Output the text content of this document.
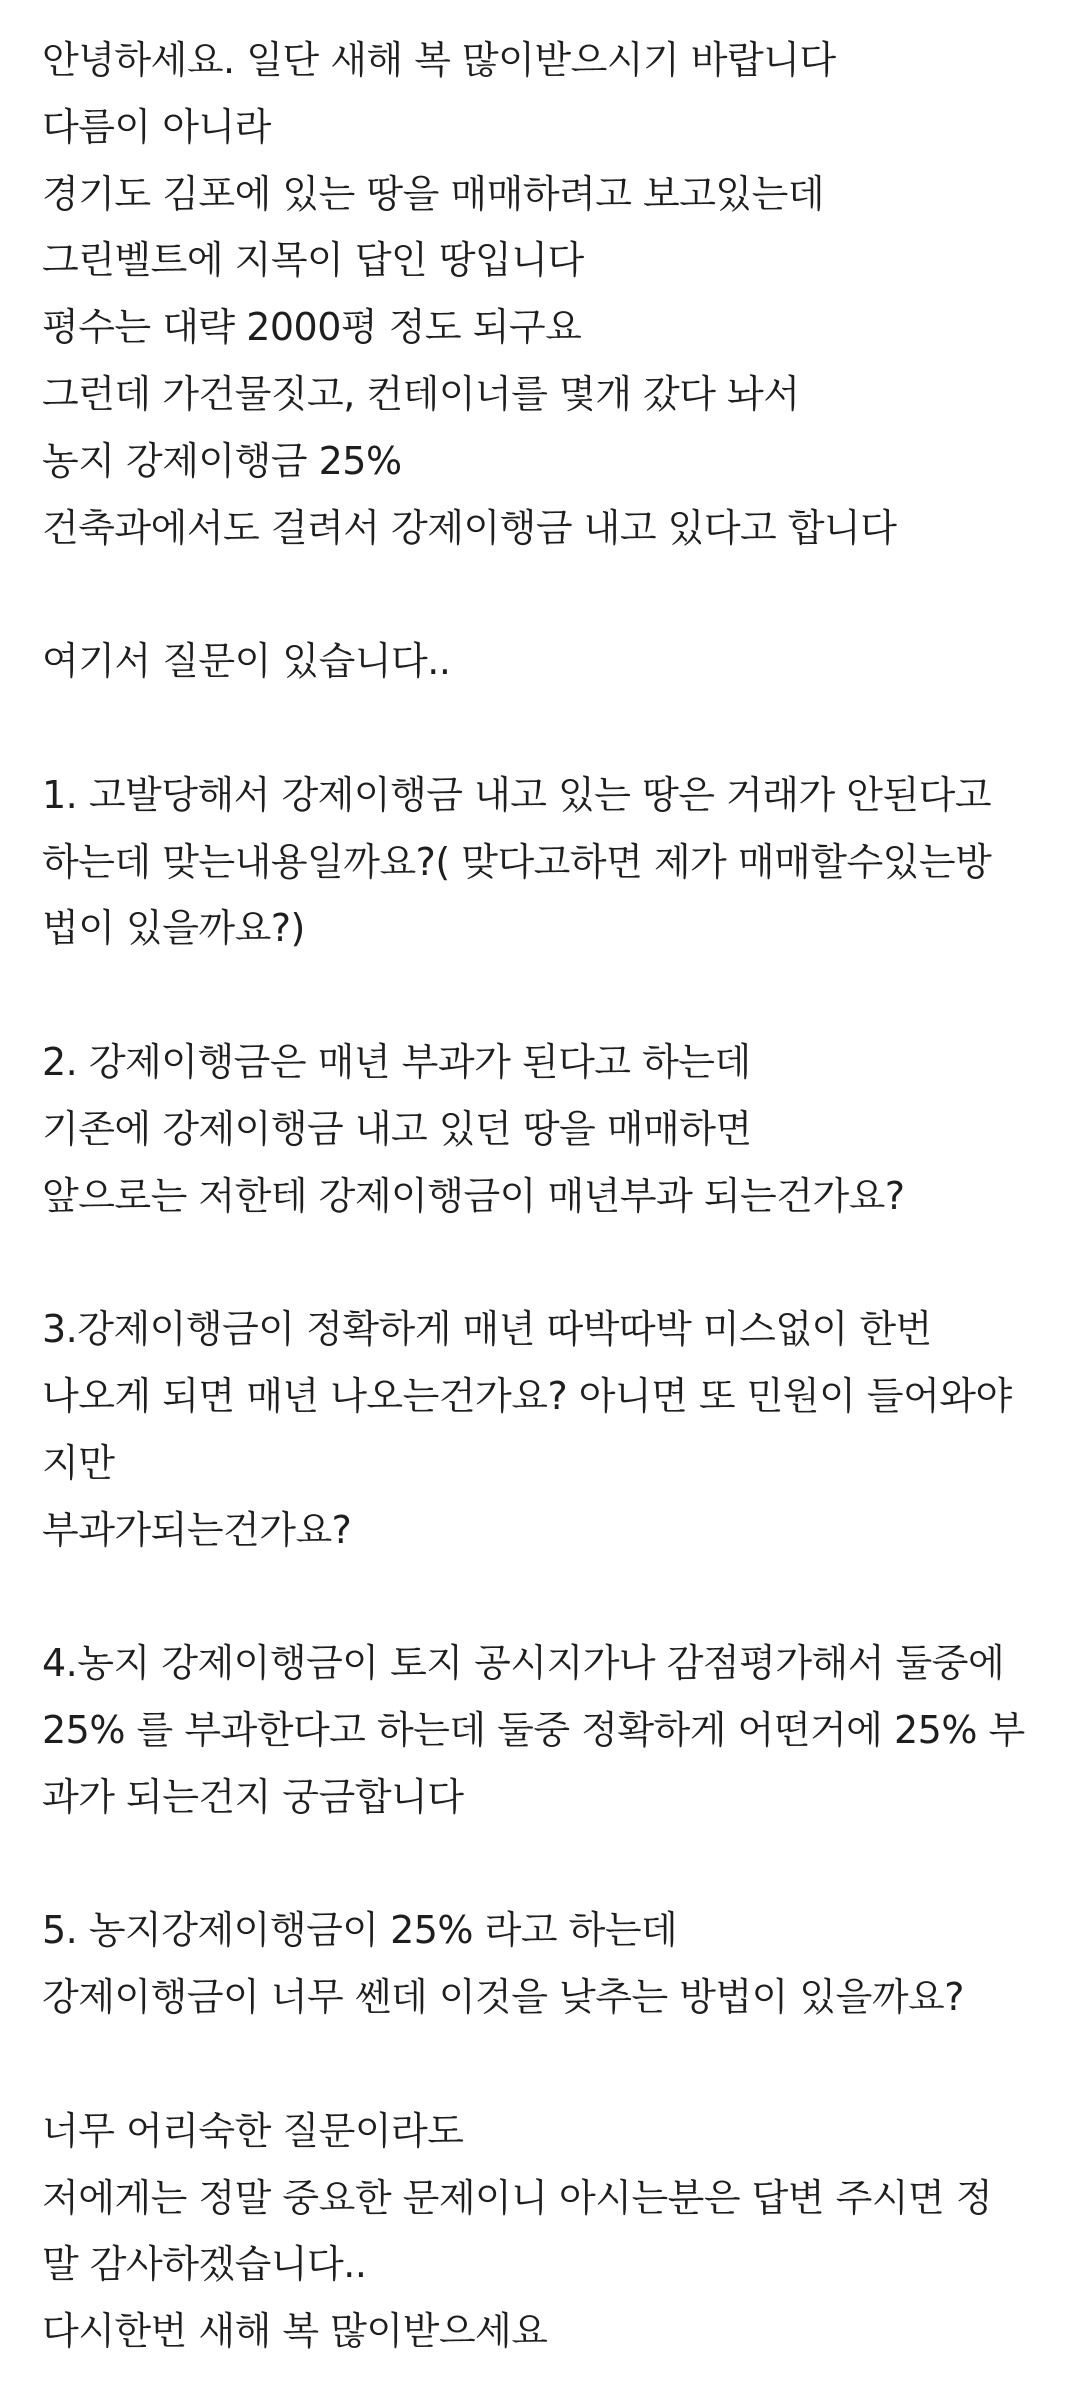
안녕하세요. 일단 새해 복 많이받으시기 바랍니다
다름이 아니라
경기도 김포에 있는 땅을 매매하려고 보고있는데
그린벨트에 지목이 답인 땅입니다
평수는 대략 2000평 정도 되구요
그런데 가건물짓고, 컨테이너를 몇개 갔다 놔서
농지 강제이행금 25%
건축과에서도 걸려서 강제이행금 내고 있다고 합니다
여기서 질문이 있습니다..
1. 고발당해서 강제이행금 내고 있는 땅은 거래가 안된다고
하는데 맞는내용일까요?( 맞다고하면 제가 매매할수있는방
법이 있을까요?)
2. 강제이행금은 매년 부과가 된다고 하는데
기존에 강제이행금 내고 있던 땅을 매매하면
앞으로는 저한테 강제이행금이 매년부과 되는건가요?
3.강제이행금이 정확하게 매년 따박따박 미스없이 한번
나오게 되면 매년 나오는건가요? 아니면 또 민원이 들어와야
지만
부과가되는건가요?
4.농지 강제이행금이 토지 공시지가나 감점평가해서 둘중에
25% 를 부과한다고 하는데 둘중 정확하게 어떤거에 25% 부
과가 되는건지 궁금합니다
5. 농지강제이행금이 25% 라고 하는데
강제이행금이 너무 쎈데 이것을 낮추는 방법이 있을까요?
너무 어리숙한 질문이라도
저에게는 정말 중요한 문제이니 아시는분은 답변 주시면 정
말 감사하겠습니다..
다시한번 새해 복 많이받으세요
